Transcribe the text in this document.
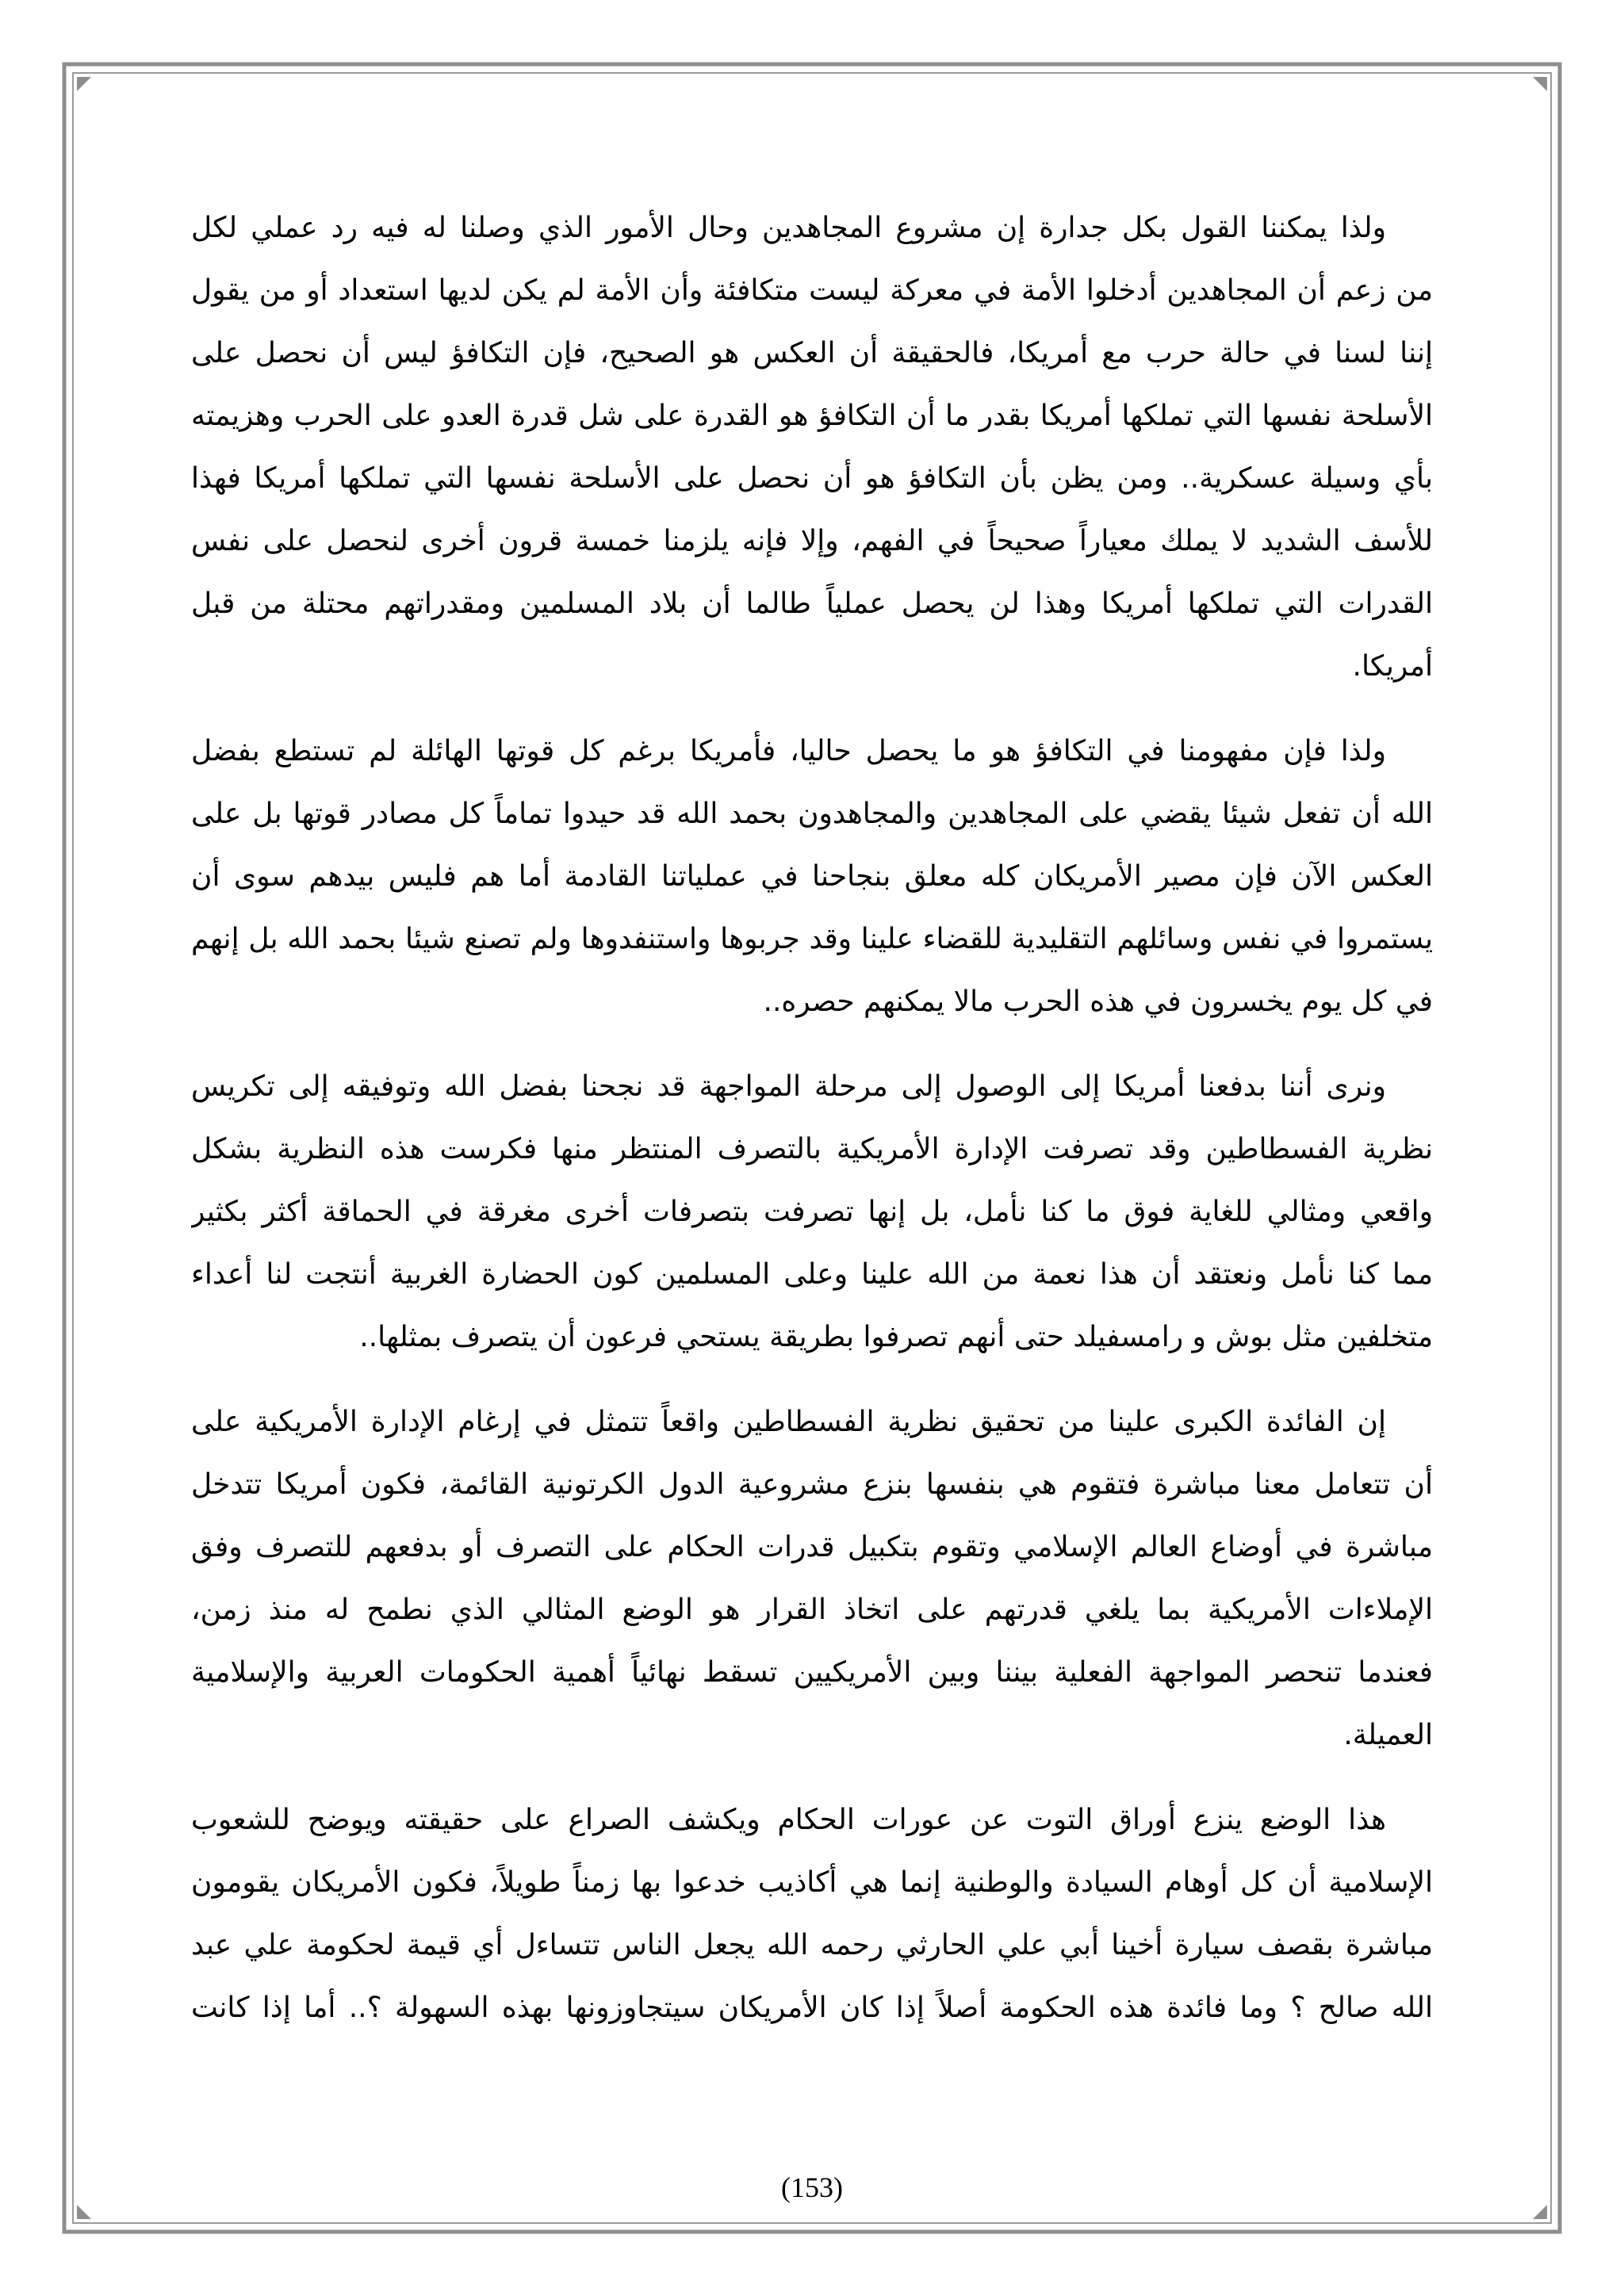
ولذا يمكننا القول بكل جدارة إن مشروع المجاهدين وحال الأمور الذي وصلنا له فيه رد عملي لكل
من زعم أن المجاهدين أدخلوا الأمة في معركة ليست متكافئة وأن الأمة لم يكن لديها استعداد أو من يقول
إننا لسنا في حالة حرب مع أمريكا، فالحقيقة أن العكس هو الصحيح، فإن التكافؤ ليس أن نحصل على
الأسلحة نفسها التي تملكها أمريكا بقدر ما أن التكافؤ هو القدرة على شل قدرة العدو على الحرب وهزيمته
بأي وسيلة عسكرية.. ومن يظن بأن التكافؤ هو أن نحصل على الأسلحة نفسها التي تملكها أمريكا فهذا
للأسف الشديد لا يملك معياراً صحيحاً في الفهم، وإلا فإنه يلزمنا خمسة قرون أخرى لنحصل على نفس
القدرات التي تملكها أمريكا وهذا لن يحصل عملياً طالما أن بلاد المسلمين ومقدراتهم محتلة من قبل
أمريكا.
ولذا فإن مفهومنا في التكافؤ هو ما يحصل حاليا، فأمريكا برغم كل قوتها الهائلة لم تستطع بفضل
الله أن تفعل شيئا يقضي على المجاهدين والمجاهدون بحمد الله قد حيدوا تماماً كل مصادر قوتها بل على
العكس الآن فإن مصير الأمريكان كله معلق بنجاحنا في عملياتنا القادمة أما هم فليس بيدهم سوى أن
يستمروا في نفس وسائلهم التقليدية للقضاء علينا وقد جربوها واستنفدوها ولم تصنع شيئا بحمد الله بل إنهم
في كل يوم يخسرون في هذه الحرب مالا يمكنهم حصره..
ونرى أننا بدفعنا أمريكا إلى الوصول إلى مرحلة المواجهة قد نجحنا بفضل الله وتوفيقه إلى تكريس
نظرية الفسطاطين وقد تصرفت الإدارة الأمريكية بالتصرف المنتظر منها فكرست هذه النظرية بشكل
واقعي ومثالي للغاية فوق ما كنا نأمل، بل إنها تصرفت بتصرفات أخرى مغرقة في الحماقة أكثر بكثير
مما كنا نأمل ونعتقد أن هذا نعمة من الله علينا وعلى المسلمين كون الحضارة الغربية أنتجت لنا أعداء
متخلفين مثل بوش و رامسفيلد حتى أنهم تصرفوا بطريقة يستحي فرعون أن يتصرف بمثلها..
إن الفائدة الكبرى علينا من تحقيق نظرية الفسطاطين واقعاً تتمثل في إرغام الإدارة الأمريكية على
أن تتعامل معنا مباشرة فتقوم هي بنفسها بنزع مشروعية الدول الكرتونية القائمة، فكون أمريكا تتدخل
مباشرة في أوضاع العالم الإسلامي وتقوم بتكبيل قدرات الحكام على التصرف أو بدفعهم للتصرف وفق
الإملاءات الأمريكية بما يلغي قدرتهم على اتخاذ القرار هو الوضع المثالي الذي نطمح له منذ زمن،
فعندما تنحصر المواجهة الفعلية بيننا وبين الأمريكيين تسقط نهائياً أهمية الحكومات العربية والإسلامية
العميلة.
هذا الوضع ينزع أوراق التوت عن عورات الحكام ويكشف الصراع على حقيقته ويوضح للشعوب
الإسلامية أن كل أوهام السيادة والوطنية إنما هي أكاذيب خدعوا بها زمناً طويلاً، فكون الأمريكان يقومون
مباشرة بقصف سيارة أخينا أبي علي الحارثي رحمه الله يجعل الناس تتساءل أي قيمة لحكومة علي عبد
الله صالح ؟ وما فائدة هذه الحكومة أصلاً إذا كان الأمريكان سيتجاوزونها بهذه السهولة ؟.. أما إذا كانت
(153)
